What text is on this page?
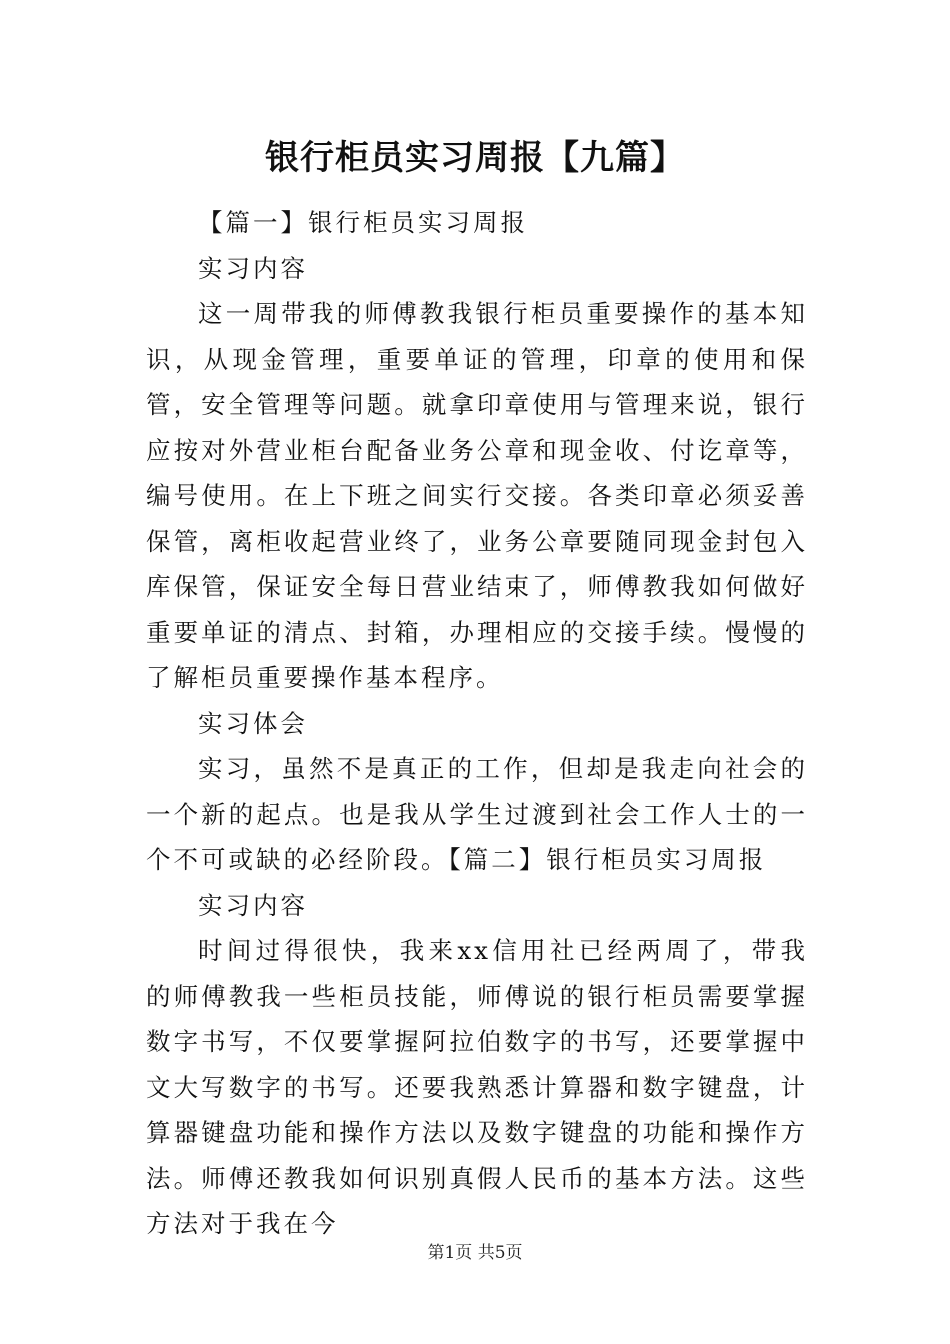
银行柜员实习周报【九篇】

【篇一】银行柜员实习周报

实习内容

这一周带我的师傅教我银行柜员重要操作的基本知识，从现金管理，重要单证的管理，印章的使用和保管，安全管理等问题。就拿印章使用与管理来说，银行应按对外营业柜台配备业务公章和现金收、付讫章等，编号使用。在上下班之间实行交接。各类印章必须妥善保管，离柜收起营业终了，业务公章要随同现金封包入库保管，保证安全每日营业结束了，师傅教我如何做好重要单证的清点、封箱，办理相应的交接手续。慢慢的了解柜员重要操作基本程序。

实习体会

实习，虽然不是真正的工作，但却是我走向社会的一个新的起点。也是我从学生过渡到社会工作人士的一个不可或缺的必经阶段。【篇二】银行柜员实习周报

实习内容

时间过得很快，我来xx信用社已经两周了，带我的师傅教我一些柜员技能，师傅说的银行柜员需要掌握数字书写，不仅要掌握阿拉伯数字的书写，还要掌握中文大写数字的书写。还要我熟悉计算器和数字键盘，计算器键盘功能和操作方法以及数字键盘的功能和操作方法。师傅还教我如何识别真假人民币的基本方法。这些方法对于我在今

第1页 共5页
